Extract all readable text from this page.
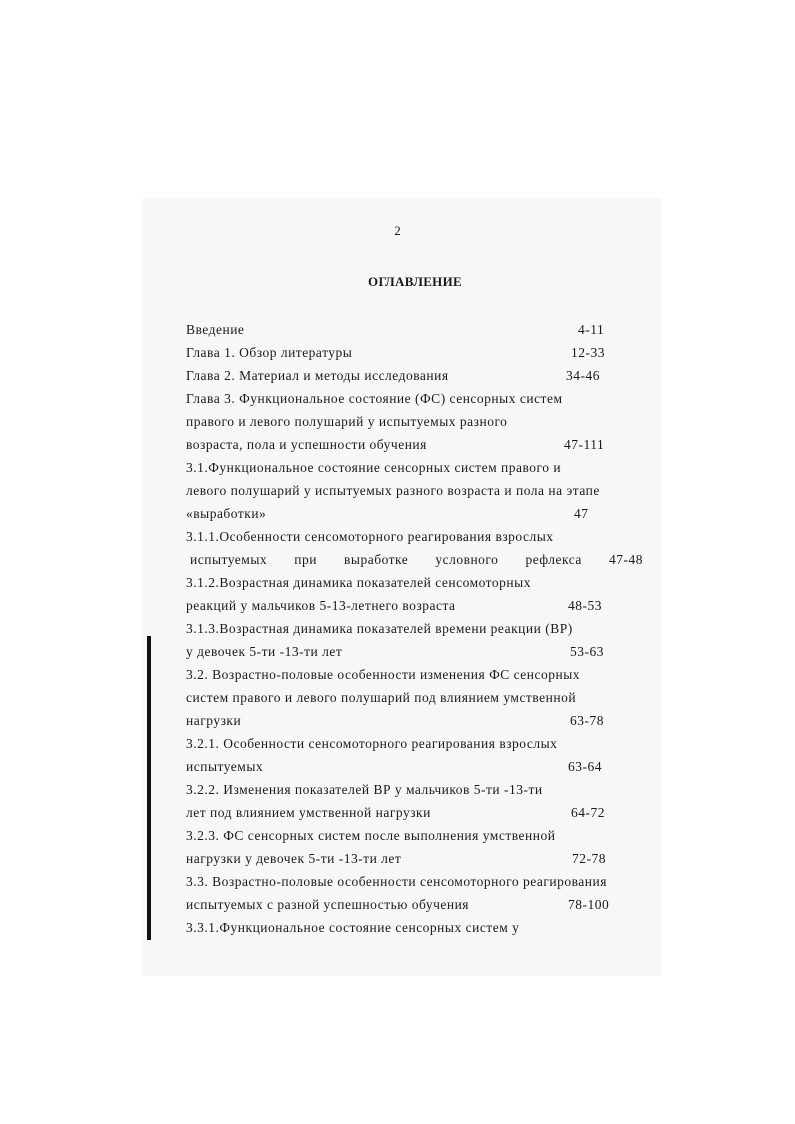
2
ОГЛАВЛЕНИЕ
Введение	4-11
Глава 1. Обзор литературы	12-33
Глава 2. Материал и методы исследования	34-46
Глава 3. Функциональное состояние (ФС) сенсорных систем
правого и левого полушарий у испытуемых разного
возраста, пола и успешности обучения	47-111
3.1.Функциональное состояние сенсорных систем правого и
левого полушарий у испытуемых разного возраста и пола на этапе
«выработки»	47
3.1.1.Особенности сенсомоторного реагирования взрослых
испытуемых при выработке условного рефлекса 47-48
3.1.2.Возрастная динамика показателей сенсомоторных
реакций у мальчиков 5-13-летнего возраста	48-53
3.1.3.Возрастная динамика показателей времени реакции (ВР)
у девочек 5-ти -13-ти лет	53-63
3.2. Возрастно-половые особенности изменения ФС сенсорных
систем правого и левого полушарий под влиянием умственной
нагрузки	63-78
3.2.1. Особенности сенсомоторного реагирования взрослых
испытуемых	63-64
3.2.2. Изменения показателей ВР у мальчиков 5-ти -13-ти
лет под влиянием умственной нагрузки	64-72
3.2.3. ФС сенсорных систем после выполнения умственной
нагрузки у девочек 5-ти -13-ти лет	72-78
3.3. Возрастно-половые особенности сенсомоторного реагирования
испытуемых с разной успешностью обучения	78-100
3.3.1.Функциональное состояние сенсорных систем у
